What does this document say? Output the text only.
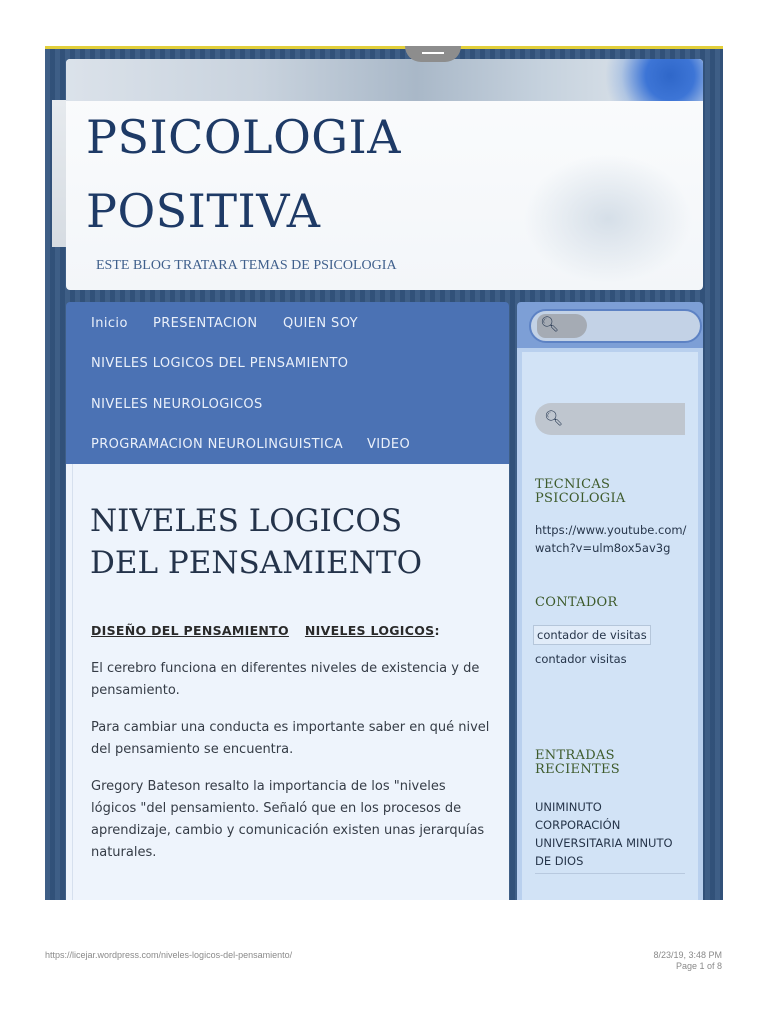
PSICOLOGIA
POSITIVA
ESTE BLOG TRATARA TEMAS DE PSICOLOGIA
Inicio PRESENTACION QUIEN SOY
NIVELES LOGICOS DEL PENSAMIENTO
NIVELES NEUROLOGICOS
PROGRAMACION NEUROLINGUISTICA VIDEO
NIVELES LOGICOS
DEL PENSAMIENTO
DISEÑO DEL PENSAMIENTO NIVELES LOGICOS:

El cerebro funciona en diferentes niveles de existencia y de pensamiento.

Para cambiar una conducta es importante saber en qué nivel del pensamiento se encuentra.

Gregory Bateson resalto la importancia de los "niveles lógicos "del pensamiento. Señaló que en los procesos de aprendizaje, cambio y comunicación existen unas jerarquías naturales.

🔍︎
🔍︎
TECNICAS PSICOLOGIA
https://www.youtube.com/watch?v=ulm8ox5av3g
CONTADOR
contador de visitas
contador visitas
ENTRADAS RECIENTES
UNIMINUTO CORPORACIÓN UNIVERSITARIA MINUTO DE DIOS
https://licejar.wordpress.com/niveles-logicos-del-pensamiento/	8/23/19, 3:48 PM
Page 1 of 8
